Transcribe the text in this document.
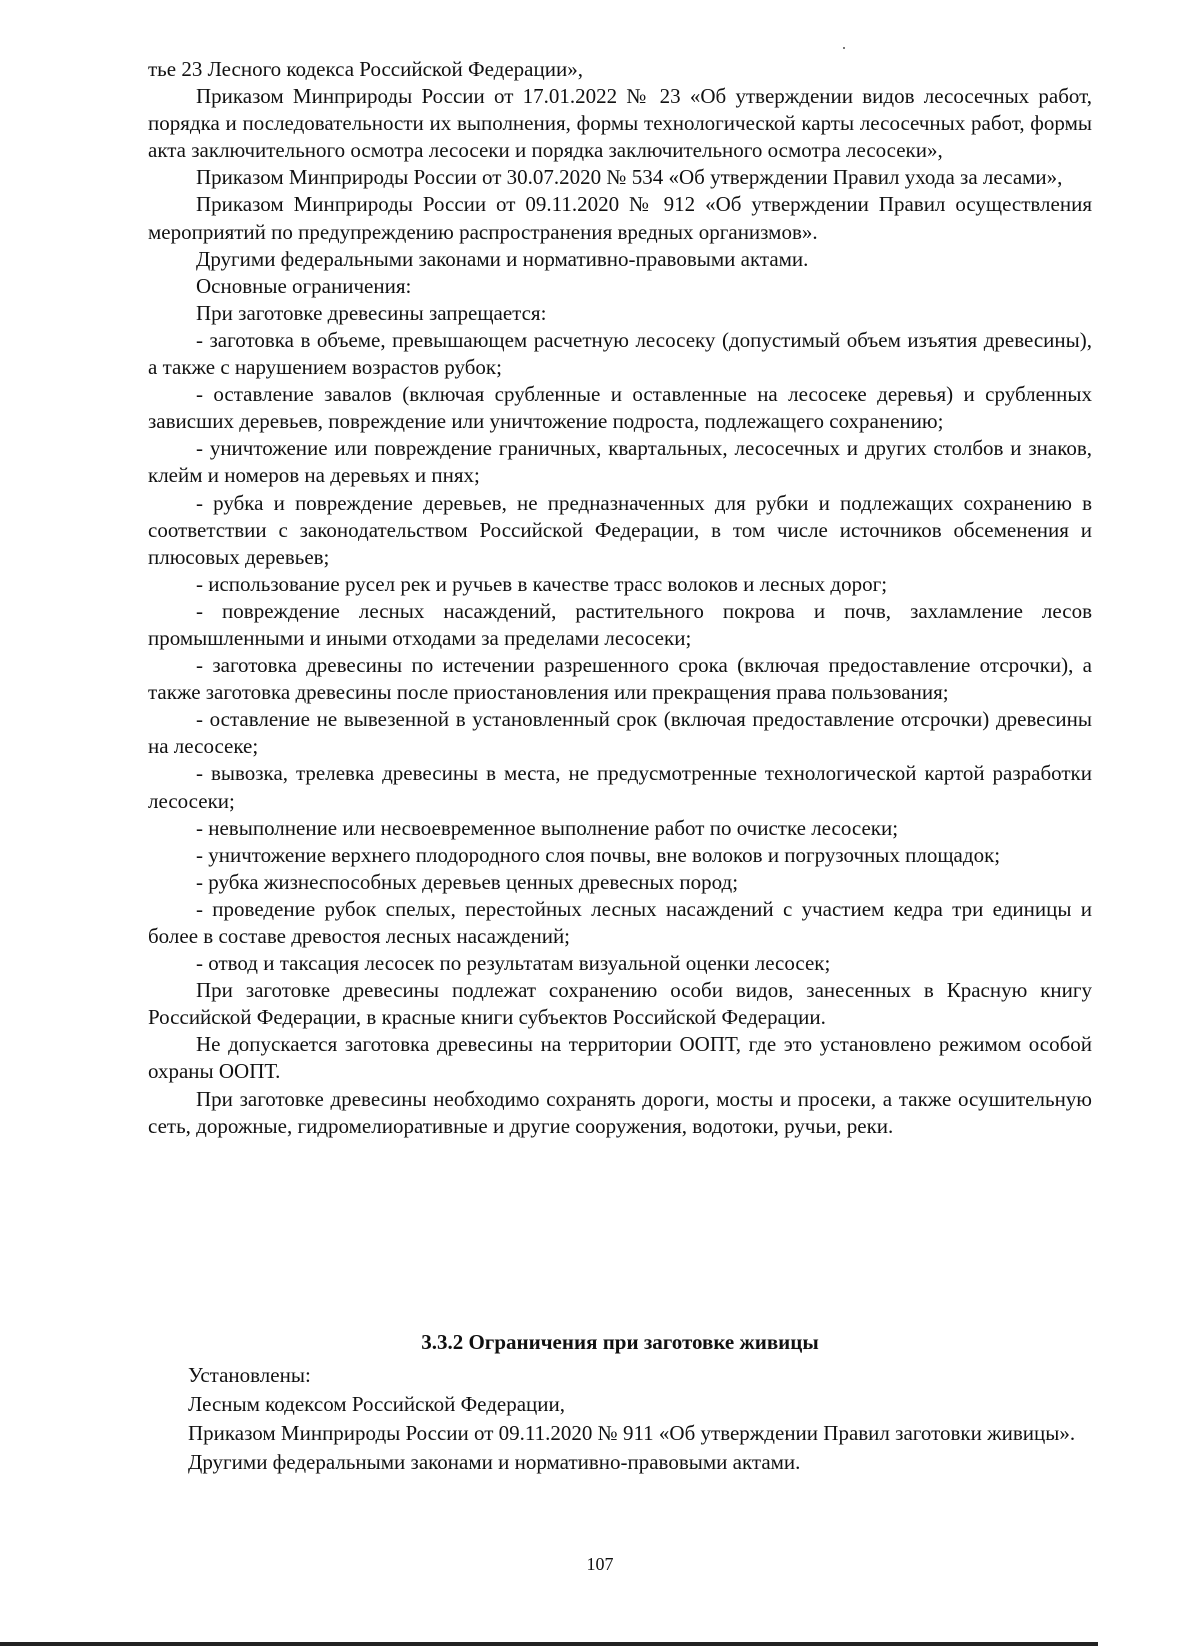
тье 23 Лесного кодекса Российской Федерации»,

Приказом Минприроды России от 17.01.2022 № 23 «Об утверждении видов лесосечных работ, порядка и последовательности их выполнения, формы технологической карты лесосечных работ, формы акта заключительного осмотра лесосеки и порядка заключительного осмотра лесосеки»,

Приказом Минприроды России от 30.07.2020 № 534 «Об утверждении Правил ухода за лесами»,

Приказом Минприроды России от 09.11.2020 № 912 «Об утверждении Правил осуществления мероприятий по предупреждению распространения вредных организмов».

Другими федеральными законами и нормативно-правовыми актами.

Основные ограничения:

При заготовке древесины запрещается:

- заготовка в объеме, превышающем расчетную лесосеку (допустимый объем изъятия древесины), а также с нарушением возрастов рубок;

- оставление завалов (включая срубленные и оставленные на лесосеке деревья) и срубленных зависших деревьев, повреждение или уничтожение подроста, подлежащего сохранению;

- уничтожение или повреждение граничных, квартальных, лесосечных и других столбов и знаков, клейм и номеров на деревьях и пнях;

- рубка и повреждение деревьев, не предназначенных для рубки и подлежащих сохранению в соответствии с законодательством Российской Федерации, в том числе источников обсеменения и плюсовых деревьев;

- использование русел рек и ручьев в качестве трасс волоков и лесных дорог;

- повреждение лесных насаждений, растительного покрова и почв, захламление лесов промышленными и иными отходами за пределами лесосеки;

- заготовка древесины по истечении разрешенного срока (включая предоставление отсрочки), а также заготовка древесины после приостановления или прекращения права пользования;

- оставление не вывезенной в установленный срок (включая предоставление отсрочки) древесины на лесосеке;

- вывозка, трелевка древесины в места, не предусмотренные технологической картой разработки лесосеки;

- невыполнение или несвоевременное выполнение работ по очистке лесосеки;

- уничтожение верхнего плодородного слоя почвы, вне волоков и погрузочных площадок;

- рубка жизнеспособных деревьев ценных древесных пород;

- проведение рубок спелых, перестойных лесных насаждений с участием кедра три единицы и более в составе древостоя лесных насаждений;

- отвод и таксация лесосек по результатам визуальной оценки лесосек;

При заготовке древесины подлежат сохранению особи видов, занесенных в Красную книгу Российской Федерации, в красные книги субъектов Российской Федерации.

Не допускается заготовка древесины на территории ООПТ, где это установлено режимом особой охраны ООПТ.

При заготовке древесины необходимо сохранять дороги, мосты и просеки, а также осушительную сеть, дорожные, гидромелиоративные и другие сооружения, водотоки, ручьи, реки.

3.3.2 Ограничения при заготовке живицы

Установлены:

Лесным кодексом Российской Федерации,

Приказом Минприроды России от 09.11.2020 № 911 «Об утверждении Правил заготовки живицы».

Другими федеральными законами и нормативно-правовыми актами.

107
